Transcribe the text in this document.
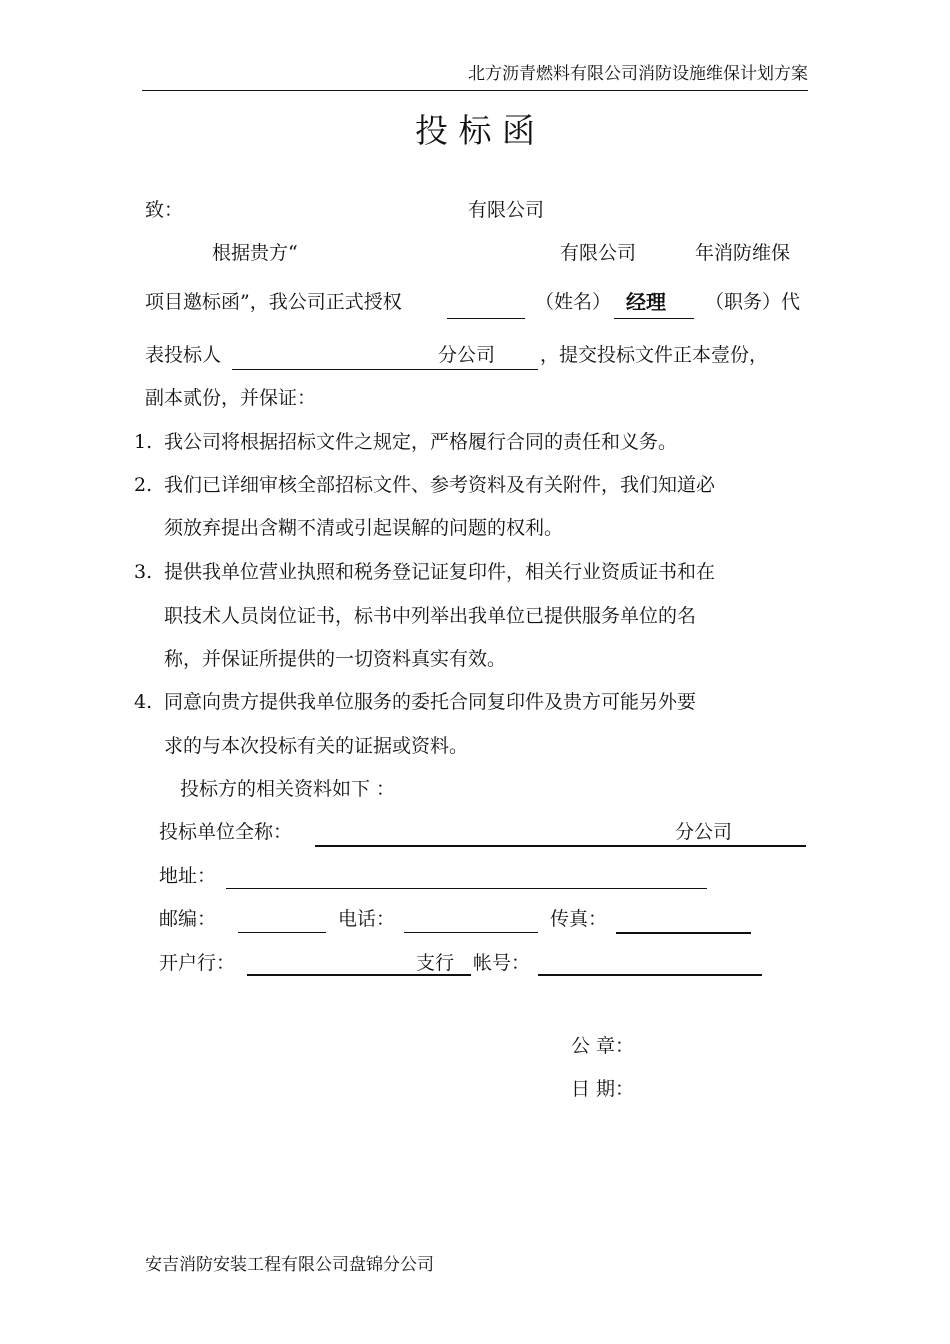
北方沥青燃料有限公司消防设施维保计划方案
投 标 函
致：	有限公司
根据贵方“	有限公司	年消防维保
项目邀标函”，我公司正式授权	（姓名） 经理 （职务）代
表投标人	分公司 ，提交投标文件正本壹份，
副本贰份，并保证：
1. 我公司将根据招标文件之规定，严格履行合同的责任和义务。
2. 我们已详细审核全部招标文件、参考资料及有关附件，我们知道必
须放弃提出含糊不清或引起误解的问题的权利。
3. 提供我单位营业执照和税务登记证复印件，相关行业资质证书和在
职技术人员岗位证书，标书中列举出我单位已提供服务单位的名
称，并保证所提供的一切资料真实有效。
4. 同意向贵方提供我单位服务的委托合同复印件及贵方可能另外要
求的与本次投标有关的证据或资料。
投标方的相关资料如下 ：
投标单位全称：	分公司
地址：
邮编：	电话：	传真：
开户行：	支行 帐号：
公 章：
日 期：
安吉消防安装工程有限公司盘锦分公司
